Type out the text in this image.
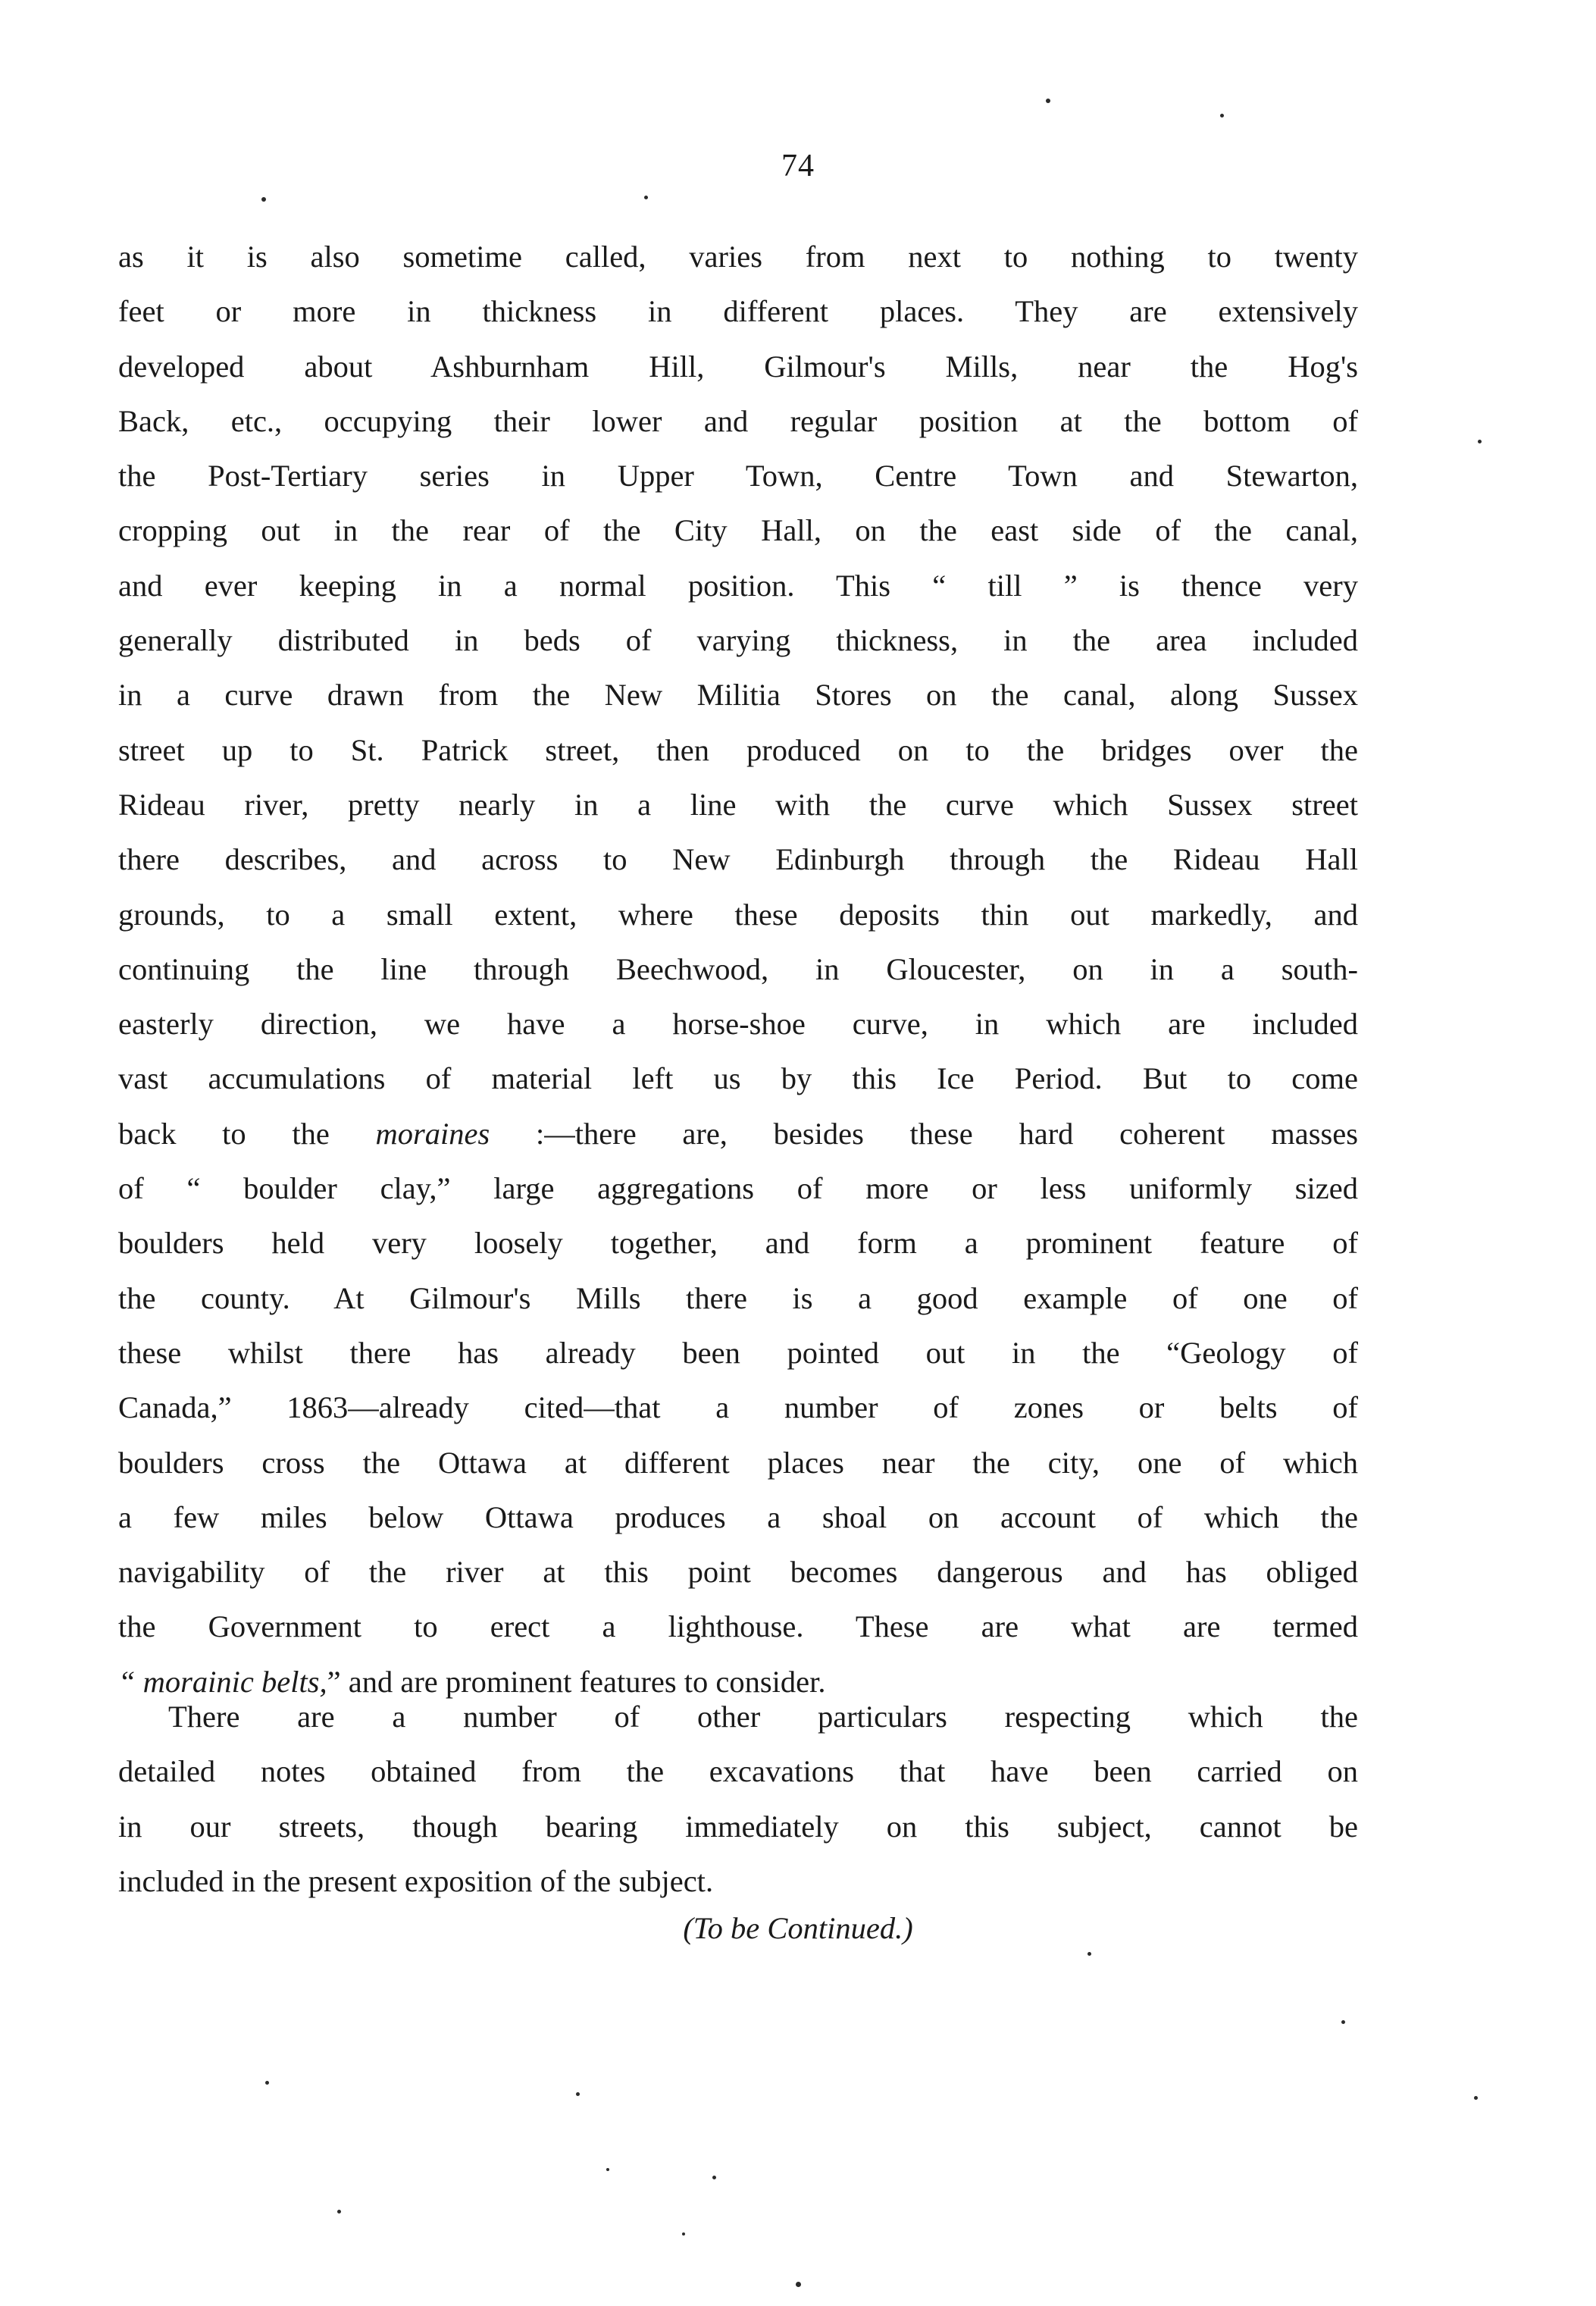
74
as it is also sometime called, varies from next to nothing to twenty
feet or more in thickness in different places. They are extensively
developed about Ashburnham Hill, Gilmour's Mills, near the Hog's
Back, etc., occupying their lower and regular position at the bottom of
the Post-Tertiary series in Upper Town, Centre Town and Stewarton,
cropping out in the rear of the City Hall, on the east side of the canal,
and ever keeping in a normal position. This “ till ” is thence very
generally distributed in beds of varying thickness, in the area included
in a curve drawn from the New Militia Stores on the canal, along Sussex
street up to St. Patrick street, then produced on to the bridges over the
Rideau river, pretty nearly in a line with the curve which Sussex street
there describes, and across to New Edinburgh through the Rideau Hall
grounds, to a small extent, where these deposits thin out markedly, and
continuing the line through Beechwood, in Gloucester, on in a south-
easterly direction, we have a horse-shoe curve, in which are included
vast accumulations of material left us by this Ice Period. But to come
back to the moraines :—there are, besides these hard coherent masses
of “ boulder clay,” large aggregations of more or less uniformly sized
boulders held very loosely together, and form a prominent feature of
the county. At Gilmour's Mills there is a good example of one of
these whilst there has already been pointed out in the “Geology of
Canada,” 1863—already cited—that a number of zones or belts of
boulders cross the Ottawa at different places near the city, one of which
a few miles below Ottawa produces a shoal on account of which the
navigability of the river at this point becomes dangerous and has obliged
the Government to erect a lighthouse. These are what are termed
“ morainic belts,” and are prominent features to consider.
There are a number of other particulars respecting which the
detailed notes obtained from the excavations that have been carried on
in our streets, though bearing immediately on this subject, cannot be
included in the present exposition of the subject.
(To be Continued.)
